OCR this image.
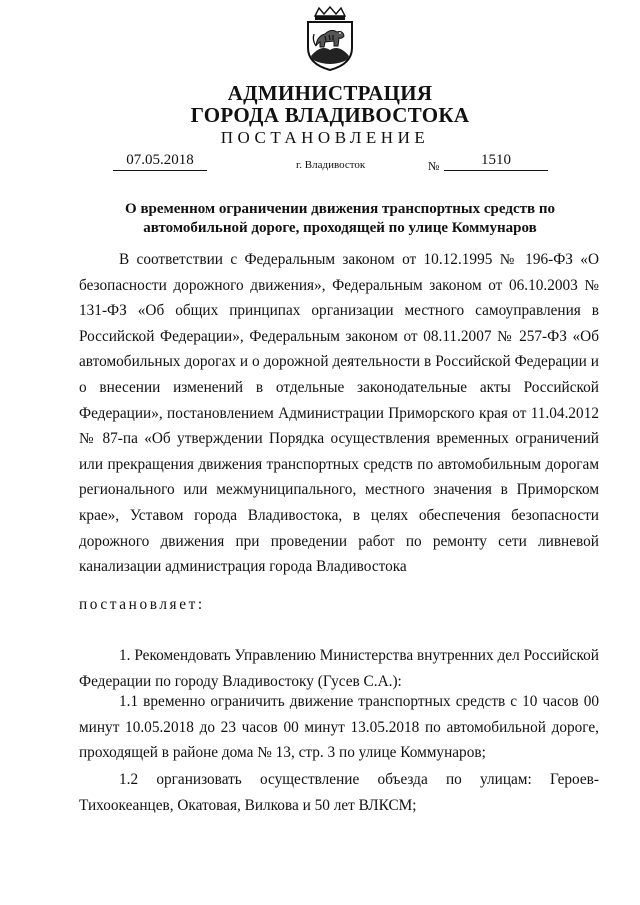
АДМИНИСТРАЦИЯ
ГОРОДА ВЛАДИВОСТОКА
ПОСТАНОВЛЕНИЕ
07.05.2018	г. Владивосток	№	1510
О временном ограничении движения транспортных средств по автомобильной дороге, проходящей по улице Коммунаров
В соответствии с Федеральным законом от 10.12.1995 № 196-ФЗ «О безопасности дорожного движения», Федеральным законом от 06.10.2003 № 131-ФЗ «Об общих принципах организации местного самоуправления в Российской Федерации», Федеральным законом от 08.11.2007 № 257-ФЗ «Об автомобильных дорогах и о дорожной деятельности в Российской Федерации и о внесении изменений в отдельные законодательные акты Российской Федерации», постановлением Администрации Приморского края от 11.04.2012 № 87-па «Об утверждении Порядка осуществления временных ограничений или прекращения движения транспортных средств по автомобильным дорогам регионального или межмуниципального, местного значения в Приморском крае», Уставом города Владивостока, в целях обеспечения безопасности дорожного движения при проведении работ по ремонту сети ливневой канализации администрация города Владивостока
постановляет:
1. Рекомендовать Управлению Министерства внутренних дел Российской Федерации по городу Владивостоку (Гусев С.А.):
1.1 временно ограничить движение транспортных средств с 10 часов 00 минут 10.05.2018 до 23 часов 00 минут 13.05.2018 по автомобильной дороге, проходящей в районе дома № 13, стр. 3 по улице Коммунаров;
1.2 организовать осуществление объезда по улицам: Героев-Тихоокеанцев, Окатовая, Вилкова и 50 лет ВЛКСМ;
